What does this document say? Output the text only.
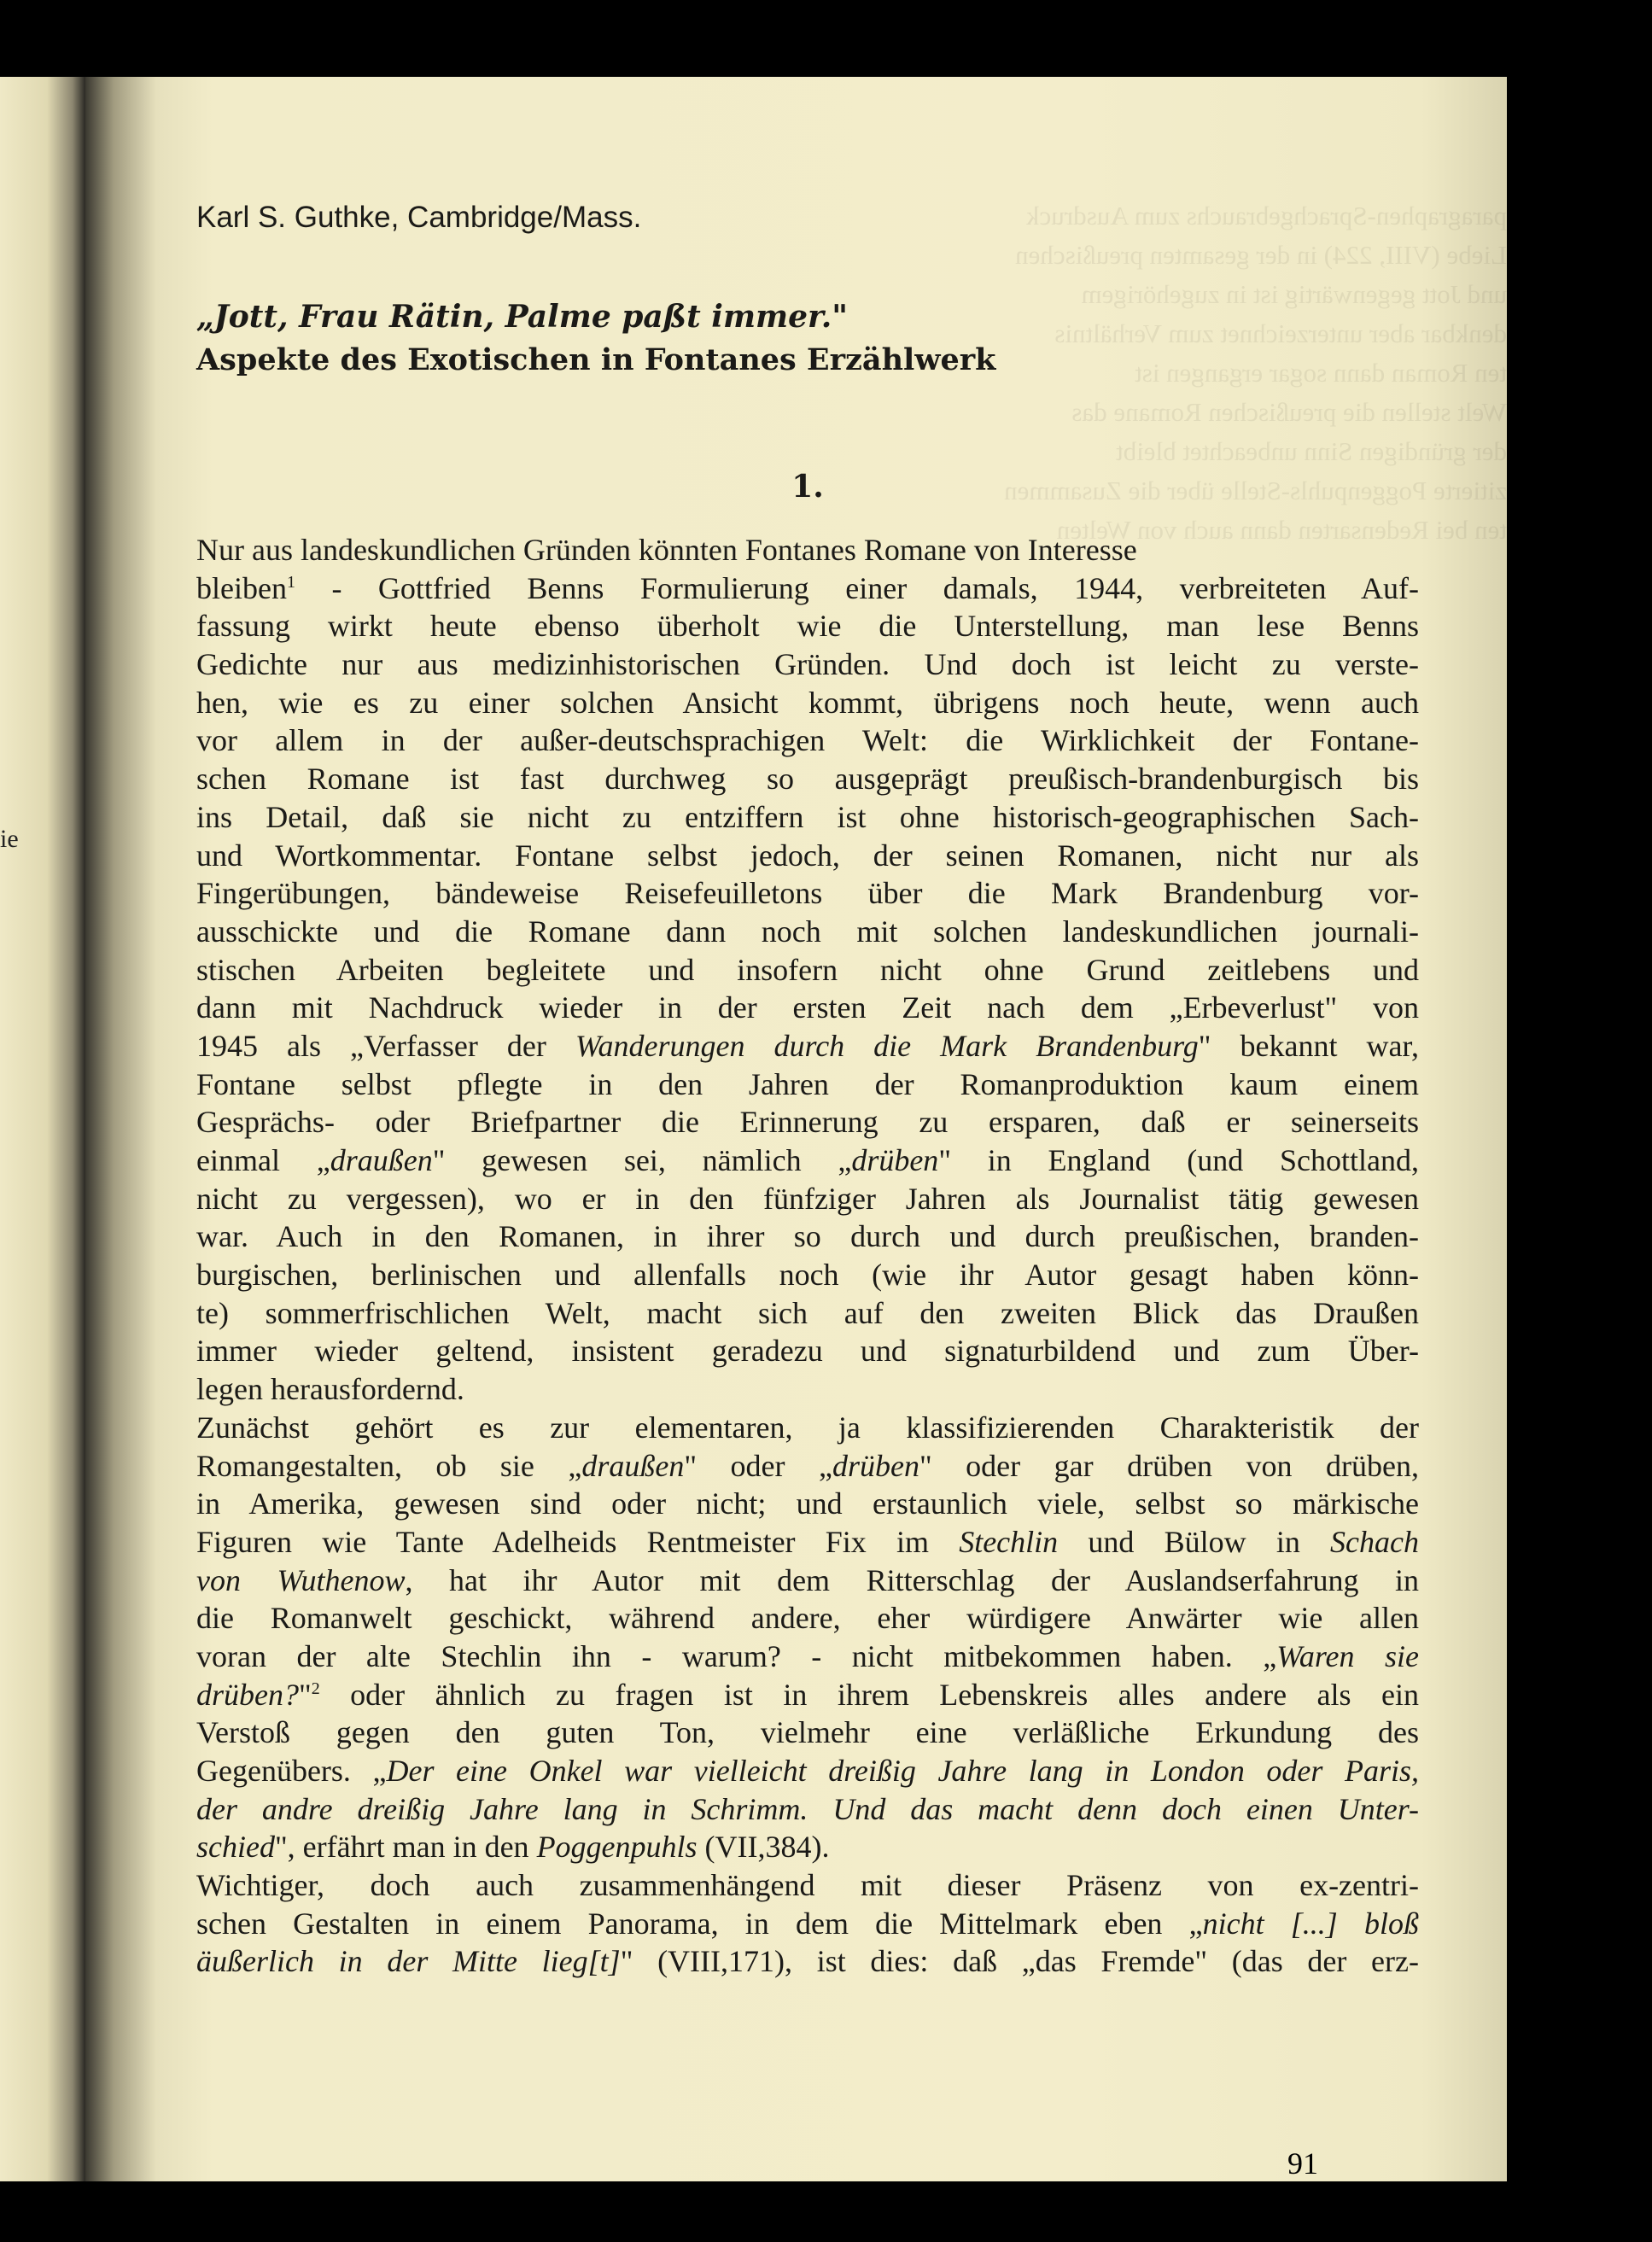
ie
paragraphen-Sprachgebrauchs zum Ausdruck
Liebe (VIII, 224) in der gesamten preußischen
und Jott gegenwärtig ist in zugehörigem
denkbar aber unterzeichnet zum Verhältnis
ten Roman dann sogar ergangen ist
Welt stellen die preußischen Romane das
der gründigen Sinn unbeachtet bleibt
zitierte Poggenpuhls-Stelle über die Zusammen
ten bei Redensarten dann auch von Welten
Karl S. Guthke, Cambridge/Mass.
„Jott, Frau Rätin, Palme paßt immer."
Aspekte des Exotischen in Fontanes Erzählwerk
1.
Nur aus landeskundlichen Gründen könnten Fontanes Romane von Interesse
bleiben$^1$ - Gottfried Benns Formulierung einer damals, 1944, verbreiteten Auf-
fassung wirkt heute ebenso überholt wie die Unterstellung, man lese Benns
Gedichte nur aus medizinhistorischen Gründen. Und doch ist leicht zu verste-
hen, wie es zu einer solchen Ansicht kommt, übrigens noch heute, wenn auch
vor allem in der außer-deutschsprachigen Welt: die Wirklichkeit der Fontane-
schen Romane ist fast durchweg so ausgeprägt preußisch-brandenburgisch bis
ins Detail, daß sie nicht zu entziffern ist ohne historisch-geographischen Sach-
und Wortkommentar. Fontane selbst jedoch, der seinen Romanen, nicht nur als
Fingerübungen, bändeweise Reisefeuilletons über die Mark Brandenburg vor-
ausschickte und die Romane dann noch mit solchen landeskundlichen journali-
stischen Arbeiten begleitete und insofern nicht ohne Grund zeitlebens und
dann mit Nachdruck wieder in der ersten Zeit nach dem „Erbeverlust" von
1945 als „Verfasser der Wanderungen durch die Mark Brandenburg" bekannt war,
Fontane selbst pflegte in den Jahren der Romanproduktion kaum einem
Gesprächs- oder Briefpartner die Erinnerung zu ersparen, daß er seinerseits
einmal „draußen" gewesen sei, nämlich „drüben" in England (und Schottland,
nicht zu vergessen), wo er in den fünfziger Jahren als Journalist tätig gewesen
war. Auch in den Romanen, in ihrer so durch und durch preußischen, branden-
burgischen, berlinischen und allenfalls noch (wie ihr Autor gesagt haben könn-
te) sommerfrischlichen Welt, macht sich auf den zweiten Blick das Draußen
immer wieder geltend, insistent geradezu und signaturbildend und zum Über-
legen herausfordernd.
Zunächst gehört es zur elementaren, ja klassifizierenden Charakteristik der
Romangestalten, ob sie „draußen" oder „drüben" oder gar drüben von drüben,
in Amerika, gewesen sind oder nicht; und erstaunlich viele, selbst so märkische
Figuren wie Tante Adelheids Rentmeister Fix im Stechlin und Bülow in Schach
von Wuthenow, hat ihr Autor mit dem Ritterschlag der Auslandserfahrung in
die Romanwelt geschickt, während andere, eher würdigere Anwärter wie allen
voran der alte Stechlin ihn - warum? - nicht mitbekommen haben. „Waren sie
drüben?"$^2$ oder ähnlich zu fragen ist in ihrem Lebenskreis alles andere als ein
Verstoß gegen den guten Ton, vielmehr eine verläßliche Erkundung des
Gegenübers. „Der eine Onkel war vielleicht dreißig Jahre lang in London oder Paris,
der andre dreißig Jahre lang in Schrimm. Und das macht denn doch einen Unter-
schied", erfährt man in den Poggenpuhls (VII,384).
Wichtiger, doch auch zusammenhängend mit dieser Präsenz von ex-zentri-
schen Gestalten in einem Panorama, in dem die Mittelmark eben „nicht [...] bloß
äußerlich in der Mitte lieg[t]" (VIII,171), ist dies: daß „das Fremde" (das der erz-
91
